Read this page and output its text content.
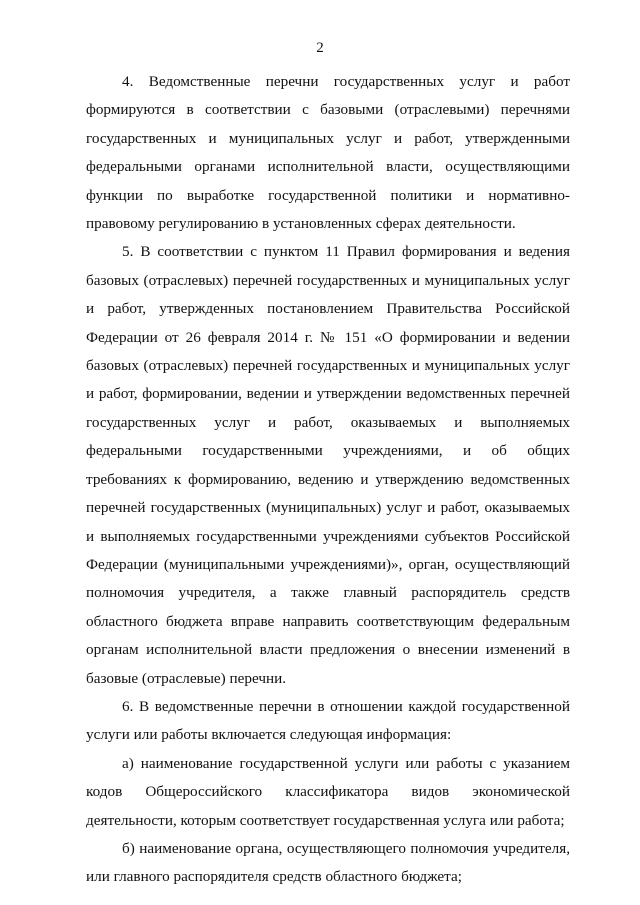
2

4. Ведомственные перечни государственных услуг и работ формируются в соответствии с базовыми (отраслевыми) перечнями государственных и муниципальных услуг и работ, утвержденными федеральными органами исполнительной власти, осуществляющими функции по выработке государственной политики и нормативно-правовому регулированию в установленных сферах деятельности.

5. В соответствии с пунктом 11 Правил формирования и ведения базовых (отраслевых) перечней государственных и муниципальных услуг и работ, утвержденных постановлением Правительства Российской Федерации от 26 февраля 2014 г. № 151 «О формировании и ведении базовых (отраслевых) перечней государственных и муниципальных услуг и работ, формировании, ведении и утверждении ведомственных перечней государственных услуг и работ, оказываемых и выполняемых федеральными государственными учреждениями, и об общих требованиях к формированию, ведению и утверждению ведомственных перечней государственных (муниципальных) услуг и работ, оказываемых и выполняемых государственными учреждениями субъектов Российской Федерации (муниципальными учреждениями)», орган, осуществляющий полномочия учредителя, а также главный распорядитель средств областного бюджета вправе направить соответствующим федеральным органам исполнительной власти предложения о внесении изменений в базовые (отраслевые) перечни.

6. В ведомственные перечни в отношении каждой государственной услуги или работы включается следующая информация:

а) наименование государственной услуги или работы с указанием кодов Общероссийского классификатора видов экономической деятельности, которым соответствует государственная услуга или работа;

б) наименование органа, осуществляющего полномочия учредителя, или главного распорядителя средств областного бюджета;
